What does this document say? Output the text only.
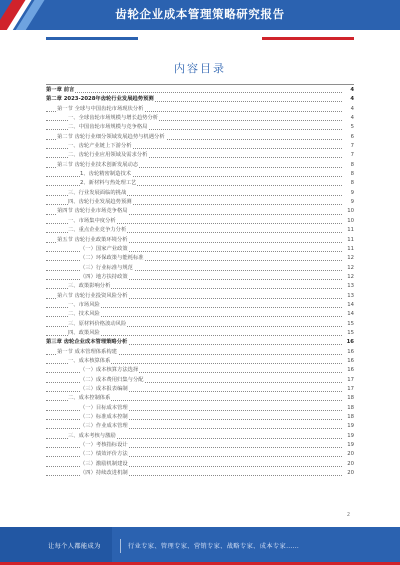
齿轮企业成本管理策略研究报告
内容目录
第一章 前言	4
第二章 2023-2028年齿轮行业发展趋势预测	4
第一节 全球与中国齿轮市场现状分析	4
一、全球齿轮市场规模与增长趋势分析	4
二、中国齿轮市场规模与竞争格局	5
第二节 齿轮行业细分领域发展趋势与机遇分析	6
一、齿轮产业链上下游分析	7
二、齿轮行业应用领域及需求分析	7
第三节 齿轮行业技术创新发展动态	8
1、齿轮精密制造技术	8
2、新材料与热处理工艺	8
三、行业发展面临的挑战	9
四、齿轮行业发展趋势预测	9
第四节 齿轮行业市场竞争格局	10
一、市场集中度分析	10
二、重点企业竞争力分析	11
第五节 齿轮行业政策环境分析	11
（一）国家产业政策	11
（二）环保政策与能耗标准	12
（三）行业标准与规范	12
（四）地方扶持政策	12
三、政策影响分析	13
第六节 齿轮行业投资风险分析	13
一、市场风险	14
二、技术风险	14
三、原材料价格波动风险	15
四、政策风险	15
第三章 齿轮企业成本管理策略分析	16
第一节 成本管理体系构建	16
一、成本核算体系	16
（一）成本核算方法选择	16
（二）成本费用归集与分配	17
（三）成本报表编制	17
二、成本控制体系	18
（一）目标成本管理	18
（二）标准成本控制	18
（三）作业成本管理	19
三、成本考核与激励	19
（一）考核指标设计	19
（二）绩效评价方法	20
（三）激励机制建设	20
（四）持续改进机制	20
2
让每个人都能成为	行业专家、管理专家、营销专家、战略专家、成本专家……
